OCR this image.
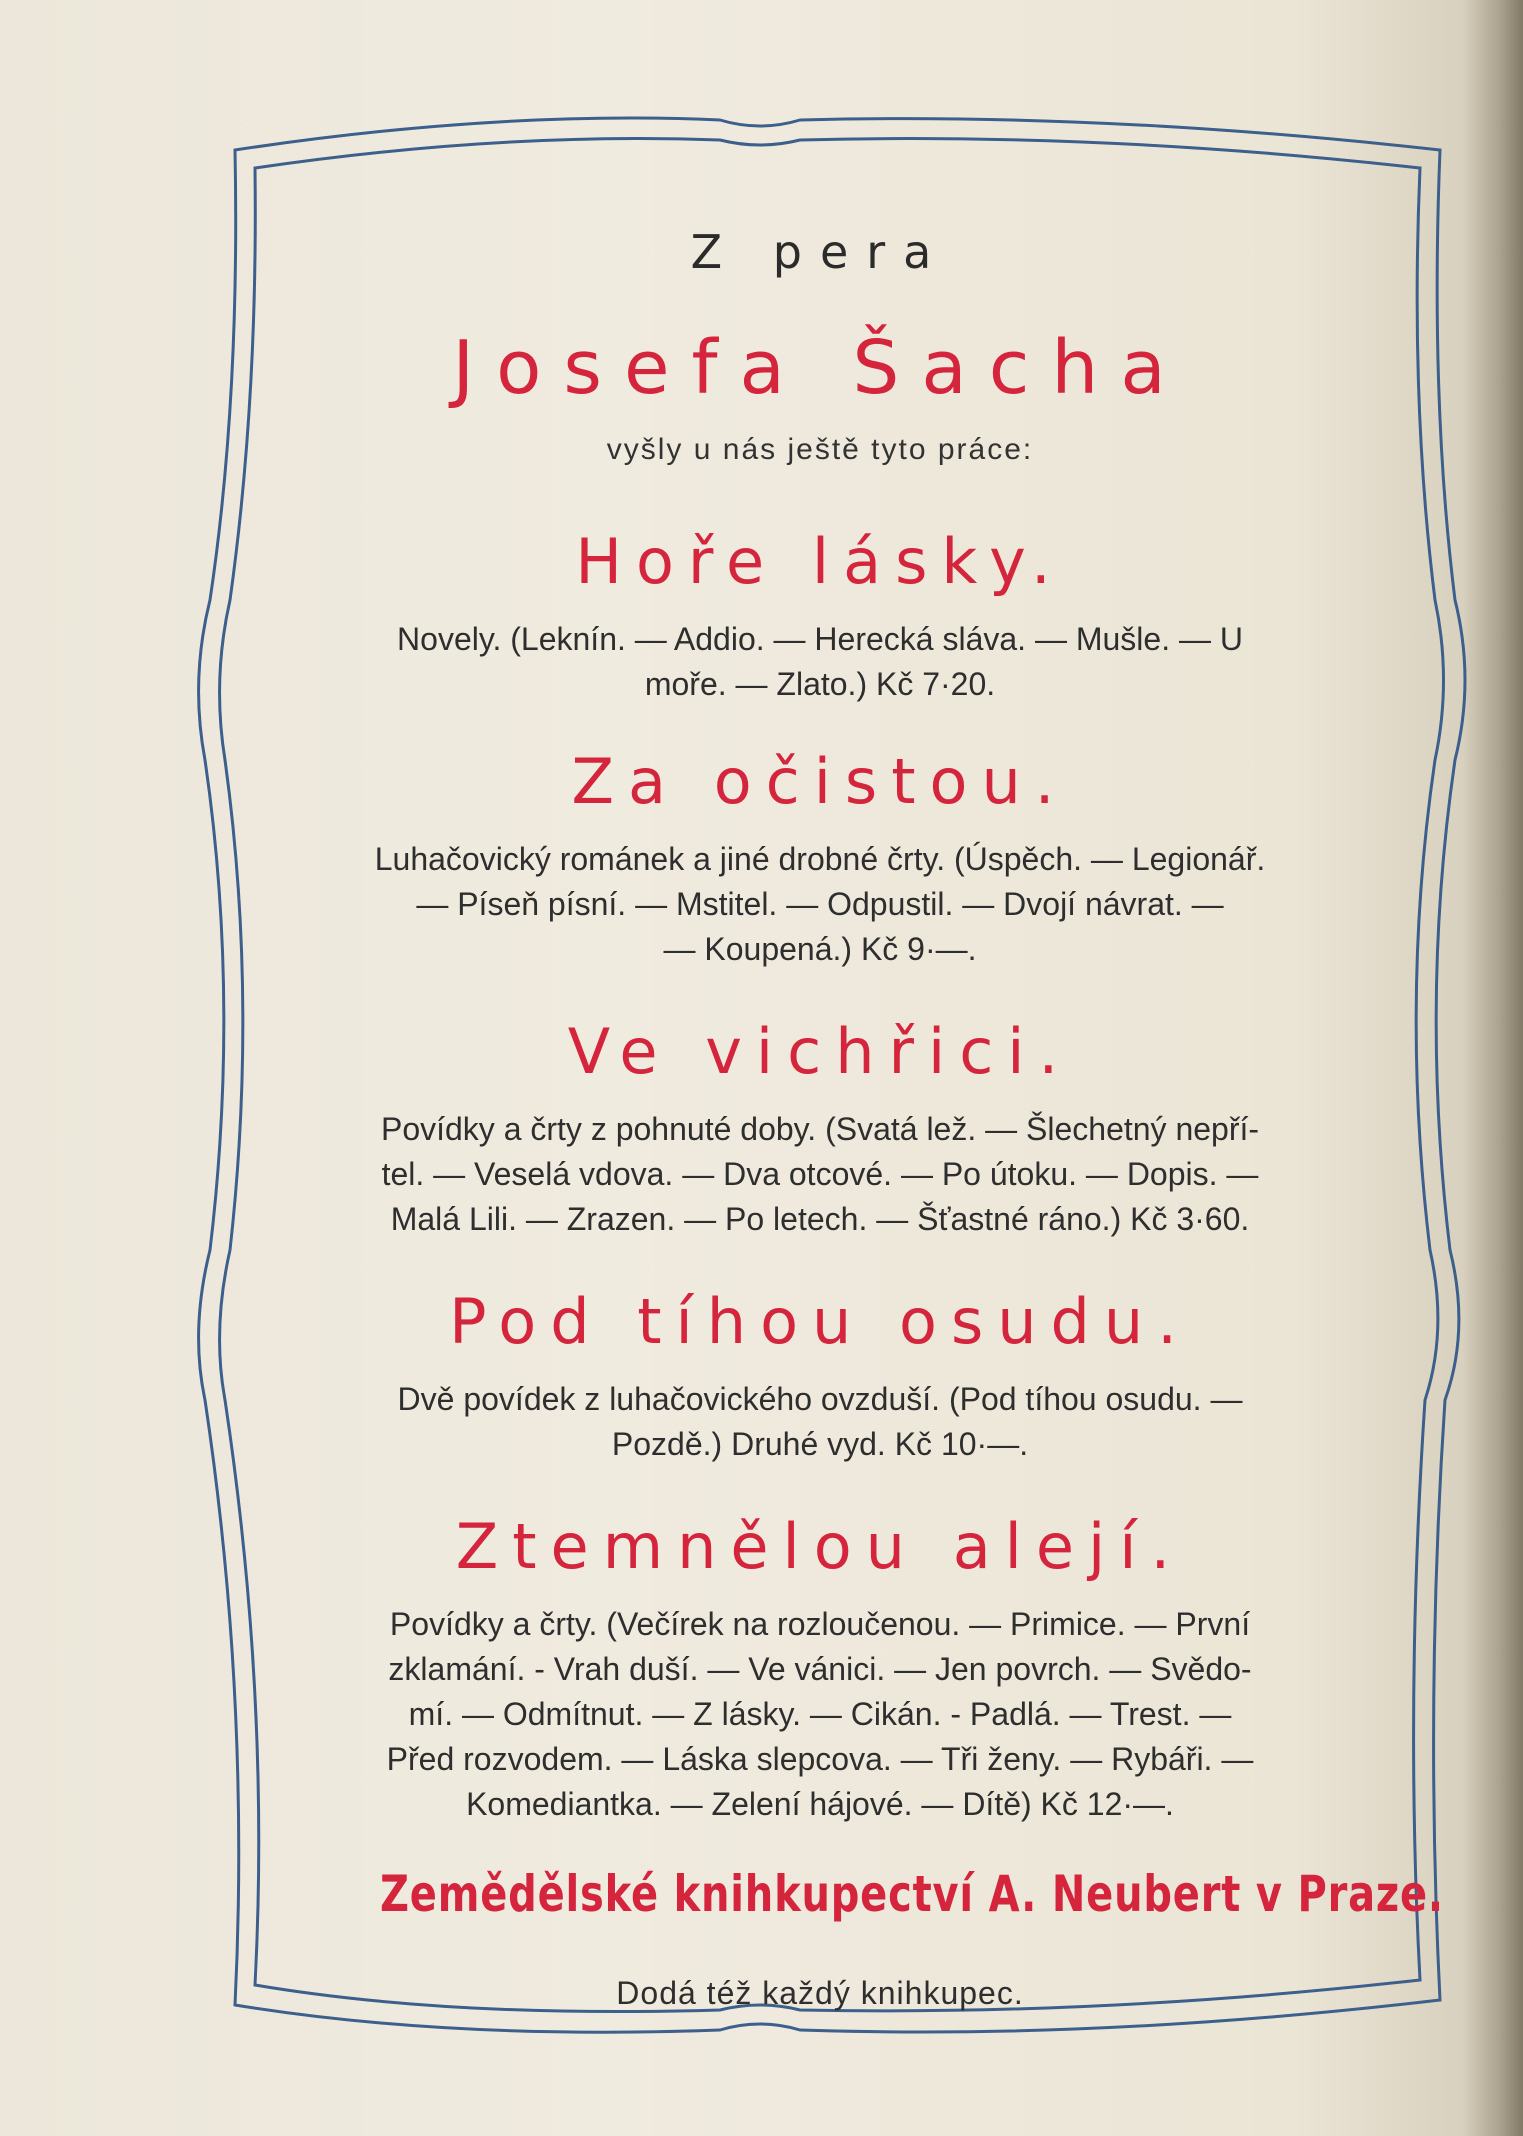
Z pera
Josefa Šacha
vyšly u nás ještě tyto práce:
Hoře lásky.
Novely. (Leknín. — Addio. — Herecká sláva. — Mušle. — U
moře. — Zlato.) Kč 7·20.
Za očistou.
Luhačovický románek a jiné drobné črty. (Úspěch. — Legionář.
— Píseň písní. — Mstitel. — Odpustil. — Dvojí návrat. —
— Koupená.) Kč 9·—.
Ve vichřici.
Povídky a črty z pohnuté doby. (Svatá lež. — Šlechetný nepří-
tel. — Veselá vdova. — Dva otcové. — Po útoku. — Dopis. —
Malá Lili. — Zrazen. — Po letech. — Šťastné ráno.) Kč 3·60.
Pod tíhou osudu.
Dvě povídek z luhačovického ovzduší. (Pod tíhou osudu. —
Pozdě.) Druhé vyd. Kč 10·—.
Ztemnělou alejí.
Povídky a črty. (Večírek na rozloučenou. — Primice. — První
zklamání. - Vrah duší. — Ve vánici. — Jen povrch. — Svědo-
mí. — Odmítnut. — Z lásky. — Cikán. - Padlá. — Trest. —
Před rozvodem. — Láska slepcova. — Tři ženy. — Rybáři. —
Komediantka. — Zelení hájové. — Dítě) Kč 12·—.
Zemědělské knihkupectví A. Neubert v Praze.
Dodá též každý knihkupec.
